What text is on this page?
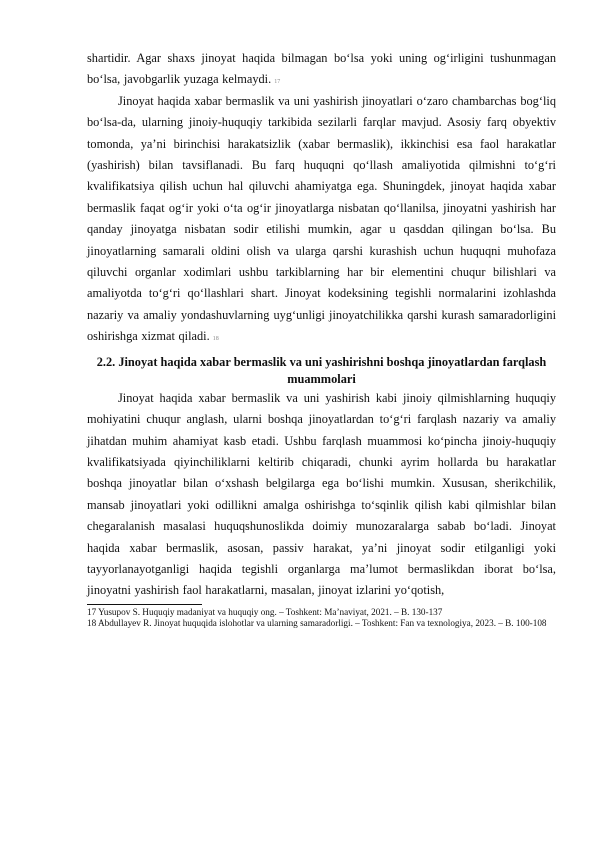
shartidir. Agar shaxs jinoyat haqida bilmagan boʻlsa yoki uning ogʻirligini tushunmagan boʻlsa, javobgarlik yuzaga kelmaydi. $^{17}$

Jinoyat haqida xabar bermaslik va uni yashirish jinoyatlari oʻzaro chambarchas bogʻliq boʻlsa-da, ularning jinoiy-huquqiy tarkibida sezilarli farqlar mavjud. Asosiy farq obyektiv tomonda, yaʼni birinchisi harakatsizlik (xabar bermaslik), ikkinchisi esa faol harakatlar (yashirish) bilan tavsiflanadi. Bu farq huquqni qoʻllash amaliyotida qilmishni toʻgʻri kvalifikatsiya qilish uchun hal qiluvchi ahamiyatga ega. Shuningdek, jinoyat haqida xabar bermaslik faqat ogʻir yoki oʻta ogʻir jinoyatlarga nisbatan qoʻllanilsa, jinoyatni yashirish har qanday jinoyatga nisbatan sodir etilishi mumkin, agar u qasddan qilingan boʻlsa. Bu jinoyatlarning samarali oldini olish va ularga qarshi kurashish uchun huquqni muhofaza qiluvchi organlar xodimlari ushbu tarkiblarning har bir elementini chuqur bilishlari va amaliyotda toʻgʻri qoʻllashlari shart. Jinoyat kodeksining tegishli normalarini izohlashda nazariy va amaliy yondashuvlarning uygʻunligi jinoyatchilikka qarshi kurash samaradorligini oshirishga xizmat qiladi. $^{18}$

2.2. Jinoyat haqida xabar bermaslik va uni yashirishni boshqa jinoyatlardan farqlash muammolari

Jinoyat haqida xabar bermaslik va uni yashirish kabi jinoiy qilmishlarning huquqiy mohiyatini chuqur anglash, ularni boshqa jinoyatlardan toʻgʻri farqlash nazariy va amaliy jihatdan muhim ahamiyat kasb etadi. Ushbu farqlash muammosi koʻpincha jinoiy-huquqiy kvalifikatsiyada qiyinchiliklarni keltirib chiqaradi, chunki ayrim hollarda bu harakatlar boshqa jinoyatlar bilan oʻxshash belgilarga ega boʻlishi mumkin. Xususan, sherikchilik, mansab jinoyatlari yoki odillikni amalga oshirishga toʻsqinlik qilish kabi qilmishlar bilan chegaralanish masalasi huquqshunoslikda doimiy munozaralarga sabab boʻladi. Jinoyat haqida xabar bermaslik, asosan, passiv harakat, yaʼni jinoyat sodir etilganligi yoki tayyorlanayotganligi haqida tegishli organlarga maʼlumot bermaslikdan iborat boʻlsa, jinoyatni yashirish faol harakatlarni, masalan, jinoyat izlarini yoʻqotish,

17 Yusupov S. Huquqiy madaniyat va huquqiy ong. – Toshkent: Maʼnaviyat, 2021. – B. 130-137
18 Abdullayev R. Jinoyat huquqida islohotlar va ularning samaradorligi. – Toshkent: Fan va texnologiya, 2023. – B. 100-108
